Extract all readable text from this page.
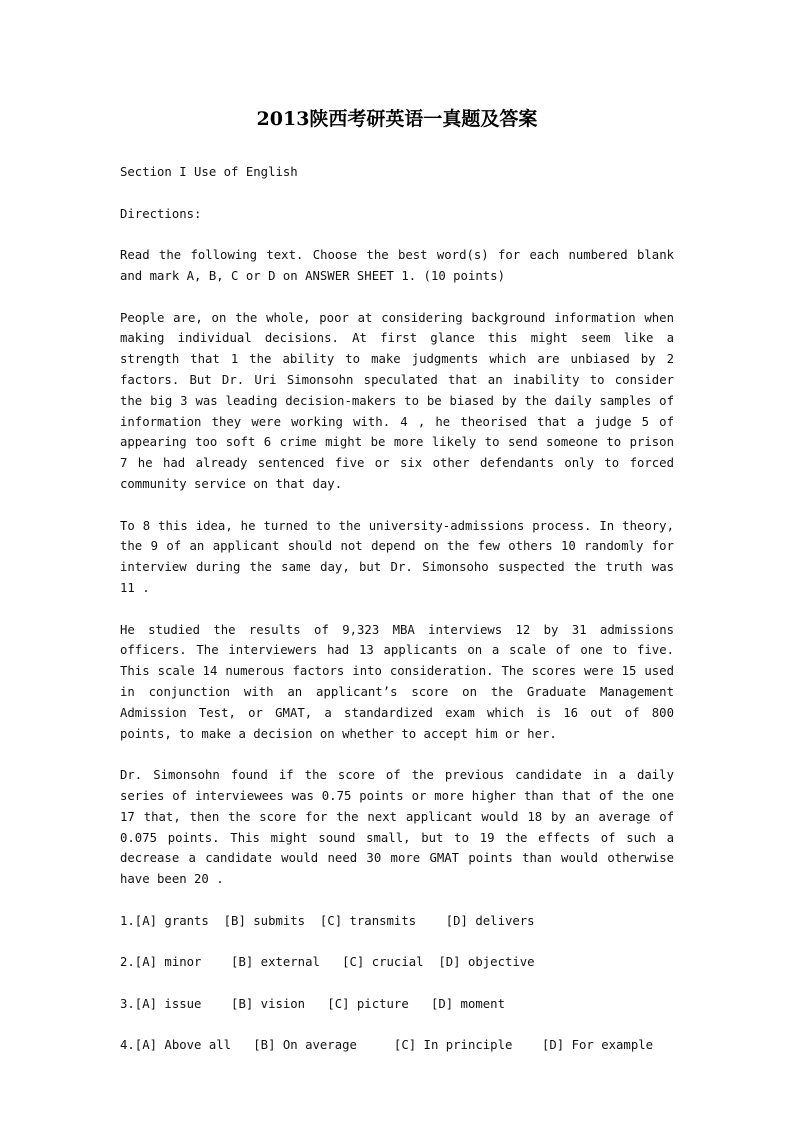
2013陕西考研英语一真题及答案

Section I Use of English

Directions:

Read the following text. Choose the best word(s) for each numbered blank and mark A, B, C or D on ANSWER SHEET 1. (10 points)

People are, on the whole, poor at considering background information when making individual decisions. At first glance this might seem like a strength that 1 the ability to make judgments which are unbiased by 2 factors. But Dr. Uri Simonsohn speculated that an inability to consider the big 3 was leading decision-makers to be biased by the daily samples of information they were working with. 4 , he theorised that a judge 5 of appearing too soft 6 crime might be more likely to send someone to prison 7 he had already sentenced five or six other defendants only to forced community service on that day.

To 8 this idea, he turned to the university-admissions process. In theory, the 9 of an applicant should not depend on the few others 10 randomly for interview during the same day, but Dr. Simonsoho suspected the truth was 11 .

He studied the results of 9,323 MBA interviews 12 by 31 admissions officers. The interviewers had 13 applicants on a scale of one to five. This scale 14 numerous factors into consideration. The scores were 15 used in conjunction with an applicant’s score on the Graduate Management Admission Test, or GMAT, a standardized exam which is 16 out of 800 points, to make a decision on whether to accept him or her.

Dr. Simonsohn found if the score of the previous candidate in a daily series of interviewees was 0.75 points or more higher than that of the one 17 that, then the score for the next applicant would 18 by an average of 0.075 points. This might sound small, but to 19 the effects of such a decrease a candidate would need 30 more GMAT points than would otherwise have been 20 .

1.[A] grants  [B] submits  [C] transmits    [D] delivers

2.[A] minor    [B] external   [C] crucial  [D] objective

3.[A] issue    [B] vision   [C] picture   [D] moment

4.[A] Above all   [B] On average     [C] In principle    [D] For example
